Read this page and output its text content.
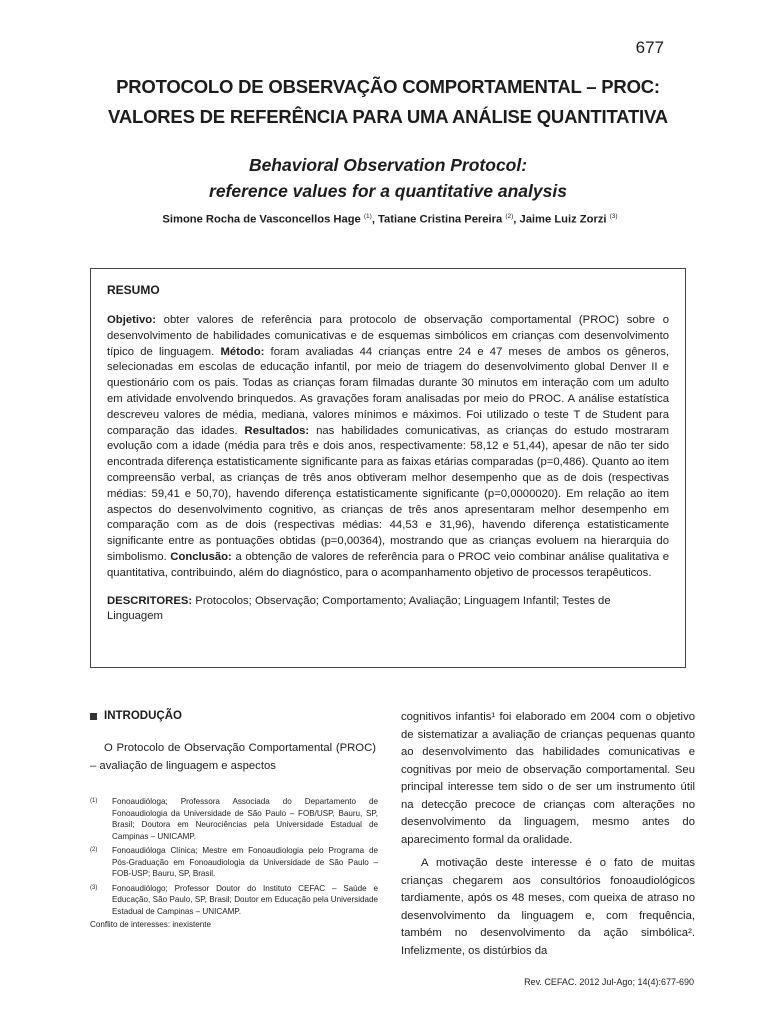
677
PROTOCOLO DE OBSERVAÇÃO COMPORTAMENTAL – PROC:
VALORES DE REFERÊNCIA PARA UMA ANÁLISE QUANTITATIVA
Behavioral Observation Protocol:
reference values for a quantitative analysis
Simone Rocha de Vasconcellos Hage $^{(1)}$, Tatiane Cristina Pereira $^{(2)}$, Jaime Luiz Zorzi $^{(3)}$
RESUMO

Objetivo: obter valores de referência para protocolo de observação comportamental (PROC) sobre o desenvolvimento de habilidades comunicativas e de esquemas simbólicos em crianças com desenvolvimento típico de linguagem. Método: foram avaliadas 44 crianças entre 24 e 47 meses de ambos os gêneros, selecionadas em escolas de educação infantil, por meio de triagem do desenvolvimento global Denver II e questionário com os pais. Todas as crianças foram filmadas durante 30 minutos em interação com um adulto em atividade envolvendo brinquedos. As gravações foram analisadas por meio do PROC. A análise estatística descreveu valores de média, mediana, valores mínimos e máximos. Foi utilizado o teste T de Student para comparação das idades. Resultados: nas habilidades comunicativas, as crianças do estudo mostraram evolução com a idade (média para três e dois anos, respectivamente: 58,12 e 51,44), apesar de não ter sido encontrada diferença estatisticamente significante para as faixas etárias comparadas (p=0,486). Quanto ao item compreensão verbal, as crianças de três anos obtiveram melhor desempenho que as de dois (respectivas médias: 59,41 e 50,70), havendo diferença estatisticamente significante (p=0,0000020). Em relação ao item aspectos do desenvolvimento cognitivo, as crianças de três anos apresentaram melhor desempenho em comparação com as de dois (respectivas médias: 44,53 e 31,96), havendo diferença estatisticamente significante entre as pontuações obtidas (p=0,00364), mostrando que as crianças evoluem na hierarquia do simbolismo. Conclusão: a obtenção de valores de referência para o PROC veio combinar análise qualitativa e quantitativa, contribuindo, além do diagnóstico, para o acompanhamento objetivo de processos terapêuticos.

DESCRITORES: Protocolos; Observação; Comportamento; Avaliação; Linguagem Infantil; Testes de Linguagem

INTRODUÇÃO

O Protocolo de Observação Comportamental (PROC) – avaliação de linguagem e aspectos

(1)	Fonoaudióloga; Professora Associada do Departamento de Fonoaudiologia da Universidade de São Paulo – FOB/USP, Bauru, SP, Brasil; Doutora em Neurociências pela Universidade Estadual de Campinas – UNICAMP.
(2)	Fonoaudióloga Clínica; Mestre em Fonoaudiologia pelo Programa de Pós-Graduação em Fonoaudiologia da Universidade de São Paulo – FOB-USP; Bauru, SP, Brasil.
(3)	Fonoaudiólogo; Professor Doutor do Instituto CEFAC – Saúde e Educação, São Paulo, SP, Brasil; Doutor em Educação pela Universidade Estadual de Campinas – UNICAMP.
Conflito de interesses: inexistente

cognitivos infantis¹ foi elaborado em 2004 com o objetivo de sistematizar a avaliação de crianças pequenas quanto ao desenvolvimento das habilidades comunicativas e cognitivas por meio de observação comportamental. Seu principal interesse tem sido o de ser um instrumento útil na detecção precoce de crianças com alterações no desenvolvimento da linguagem, mesmo antes do aparecimento formal da oralidade.

A motivação deste interesse é o fato de muitas crianças chegarem aos consultórios fonoaudiológicos tardiamente, após os 48 meses, com queixa de atraso no desenvolvimento da linguagem e, com frequência, também no desenvolvimento da ação simbólica². Infelizmente, os distúrbios da

Rev. CEFAC. 2012 Jul-Ago; 14(4):677-690
